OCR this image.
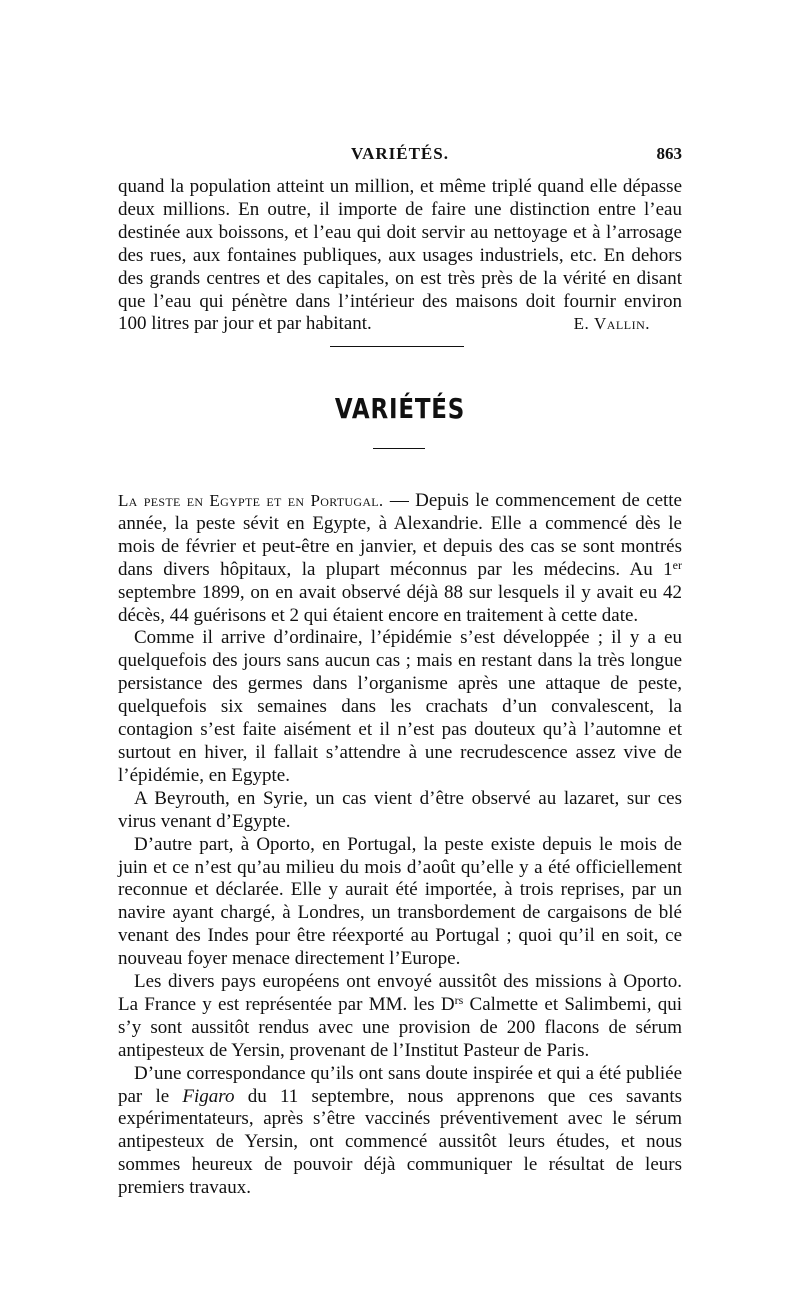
VARIÉTÉS.	863

quand la population atteint un million, et même triplé quand elle dépasse deux millions. En outre, il importe de faire une distinction entre l’eau destinée aux boissons, et l’eau qui doit servir au nettoyage et à l’arrosage des rues, aux fontaines publiques, aux usages industriels, etc. En dehors des grands centres et des capitales, on est très près de la vérité en disant que l’eau qui pénètre dans l’intérieur des maisons doit fournir environ 100 litres par jour et par habitant.	E. Vallin.

VARIÉTÉS

La peste en Egypte et en Portugal. — Depuis le commencement de cette année, la peste sévit en Egypte, à Alexandrie. Elle a commencé dès le mois de février et peut-être en janvier, et depuis des cas se sont montrés dans divers hôpitaux, la plupart méconnus par les médecins. Au 1er septembre 1899, on en avait observé déjà 88 sur lesquels il y avait eu 42 décès, 44 guérisons et 2 qui étaient encore en traitement à cette date.

Comme il arrive d’ordinaire, l’épidémie s’est développée ; il y a eu quelquefois des jours sans aucun cas ; mais en restant dans la très longue persistance des germes dans l’organisme après une attaque de peste, quelquefois six semaines dans les crachats d’un convalescent, la contagion s’est faite aisément et il n’est pas douteux qu’à l’automne et surtout en hiver, il fallait s’attendre à une recrudescence assez vive de l’épidémie, en Egypte.

A Beyrouth, en Syrie, un cas vient d’être observé au lazaret, sur ces virus venant d’Egypte.

D’autre part, à Oporto, en Portugal, la peste existe depuis le mois de juin et ce n’est qu’au milieu du mois d’août qu’elle y a été officiellement reconnue et déclarée. Elle y aurait été importée, à trois reprises, par un navire ayant chargé, à Londres, un transbordement de cargaisons de blé venant des Indes pour être réexporté au Portugal ; quoi qu’il en soit, ce nouveau foyer menace directement l’Europe.

Les divers pays européens ont envoyé aussitôt des missions à Oporto. La France y est représentée par MM. les $D^{rs}$ Calmette et Salimbemi, qui s’y sont aussitôt rendus avec une provision de 200 flacons de sérum antipesteux de Yersin, provenant de l’Institut Pasteur de Paris.

D’une correspondance qu’ils ont sans doute inspirée et qui a été publiée par le Figaro du 11 septembre, nous apprenons que ces savants expérimentateurs, après s’être vaccinés préventivement avec le sérum antipesteux de Yersin, ont commencé aussitôt leurs études, et nous sommes heureux de pouvoir déjà communiquer le résultat de leurs premiers travaux.
